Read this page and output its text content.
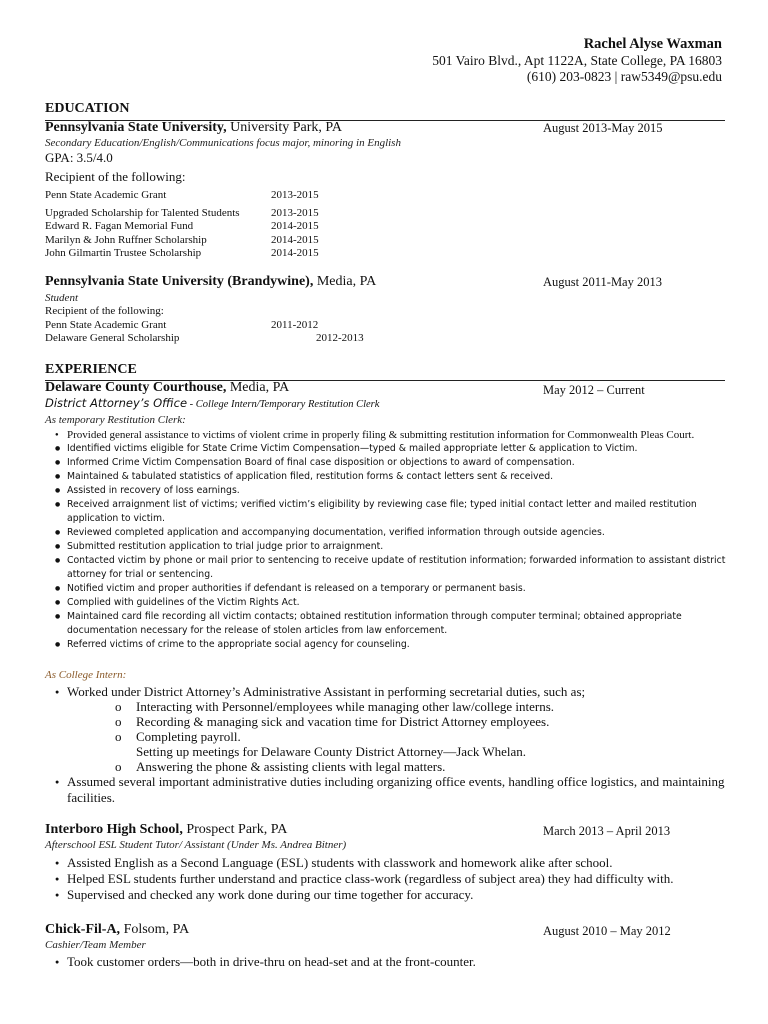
Rachel Alyse Waxman
501 Vairo Blvd., Apt 1122A, State College, PA 16803
(610) 203-0823 | raw5349@psu.edu
EDUCATION
Pennsylvania State University, University Park, PA	August 2013-May 2015
Secondary Education/English/Communications focus major, minoring in English
GPA: 3.5/4.0
Recipient of the following:
Penn State Academic Grant	2013-2015
Upgraded Scholarship for Talented Students	2013-2015
Edward R. Fagan Memorial Fund	2014-2015
Marilyn & John Ruffner Scholarship	2014-2015
John Gilmartin Trustee Scholarship	2014-2015
Pennsylvania State University (Brandywine), Media, PA	August 2011-May 2013
Student
Recipient of the following:
Penn State Academic Grant	2011-2012
Delaware General Scholarship	2012-2013
EXPERIENCE
Delaware County Courthouse, Media, PA	May 2012 – Current
District Attorney’s Office - College Intern/Temporary Restitution Clerk
As temporary Restitution Clerk:
● Provided general assistance to victims of violent crime in properly filing & submitting restitution information for Commonwealth Pleas Court.
● Identified victims eligible for State Crime Victim Compensation—typed & mailed appropriate letter & application to Victim.
● Informed Crime Victim Compensation Board of final case disposition or objections to award of compensation.
● Maintained & tabulated statistics of application filed, restitution forms & contact letters sent & received.
● Assisted in recovery of loss earnings.
● Received arraignment list of victims; verified victim’s eligibility by reviewing case file; typed initial contact letter and mailed restitution application to victim.
● Reviewed completed application and accompanying documentation, verified information through outside agencies.
● Submitted restitution application to trial judge prior to arraignment.
● Contacted victim by phone or mail prior to sentencing to receive update of restitution information; forwarded information to assistant district attorney for trial or sentencing.
● Notified victim and proper authorities if defendant is released on a temporary or permanent basis.
● Complied with guidelines of the Victim Rights Act.
● Maintained card file recording all victim contacts; obtained restitution information through computer terminal; obtained appropriate documentation necessary for the release of stolen articles from law enforcement.
● Referred victims of crime to the appropriate social agency for counseling.
As College Intern:
● Worked under District Attorney’s Administrative Assistant in performing secretarial duties, such as;
o Interacting with Personnel/employees while managing other law/college interns.
o Recording & managing sick and vacation time for District Attorney employees.
o Completing payroll.
Setting up meetings for Delaware County District Attorney—Jack Whelan.
o Answering the phone & assisting clients with legal matters.
● Assumed several important administrative duties including organizing office events, handling office logistics, and maintaining facilities.
Interboro High School, Prospect Park, PA	March 2013 – April 2013
Afterschool ESL Student Tutor/ Assistant (Under Ms. Andrea Bitner)
● Assisted English as a Second Language (ESL) students with classwork and homework alike after school.
● Helped ESL students further understand and practice class-work (regardless of subject area) they had difficulty with.
● Supervised and checked any work done during our time together for accuracy.
Chick-Fil-A, Folsom, PA	August 2010 – May 2012
Cashier/Team Member
● Took customer orders—both in drive-thru on head-set and at the front-counter.
